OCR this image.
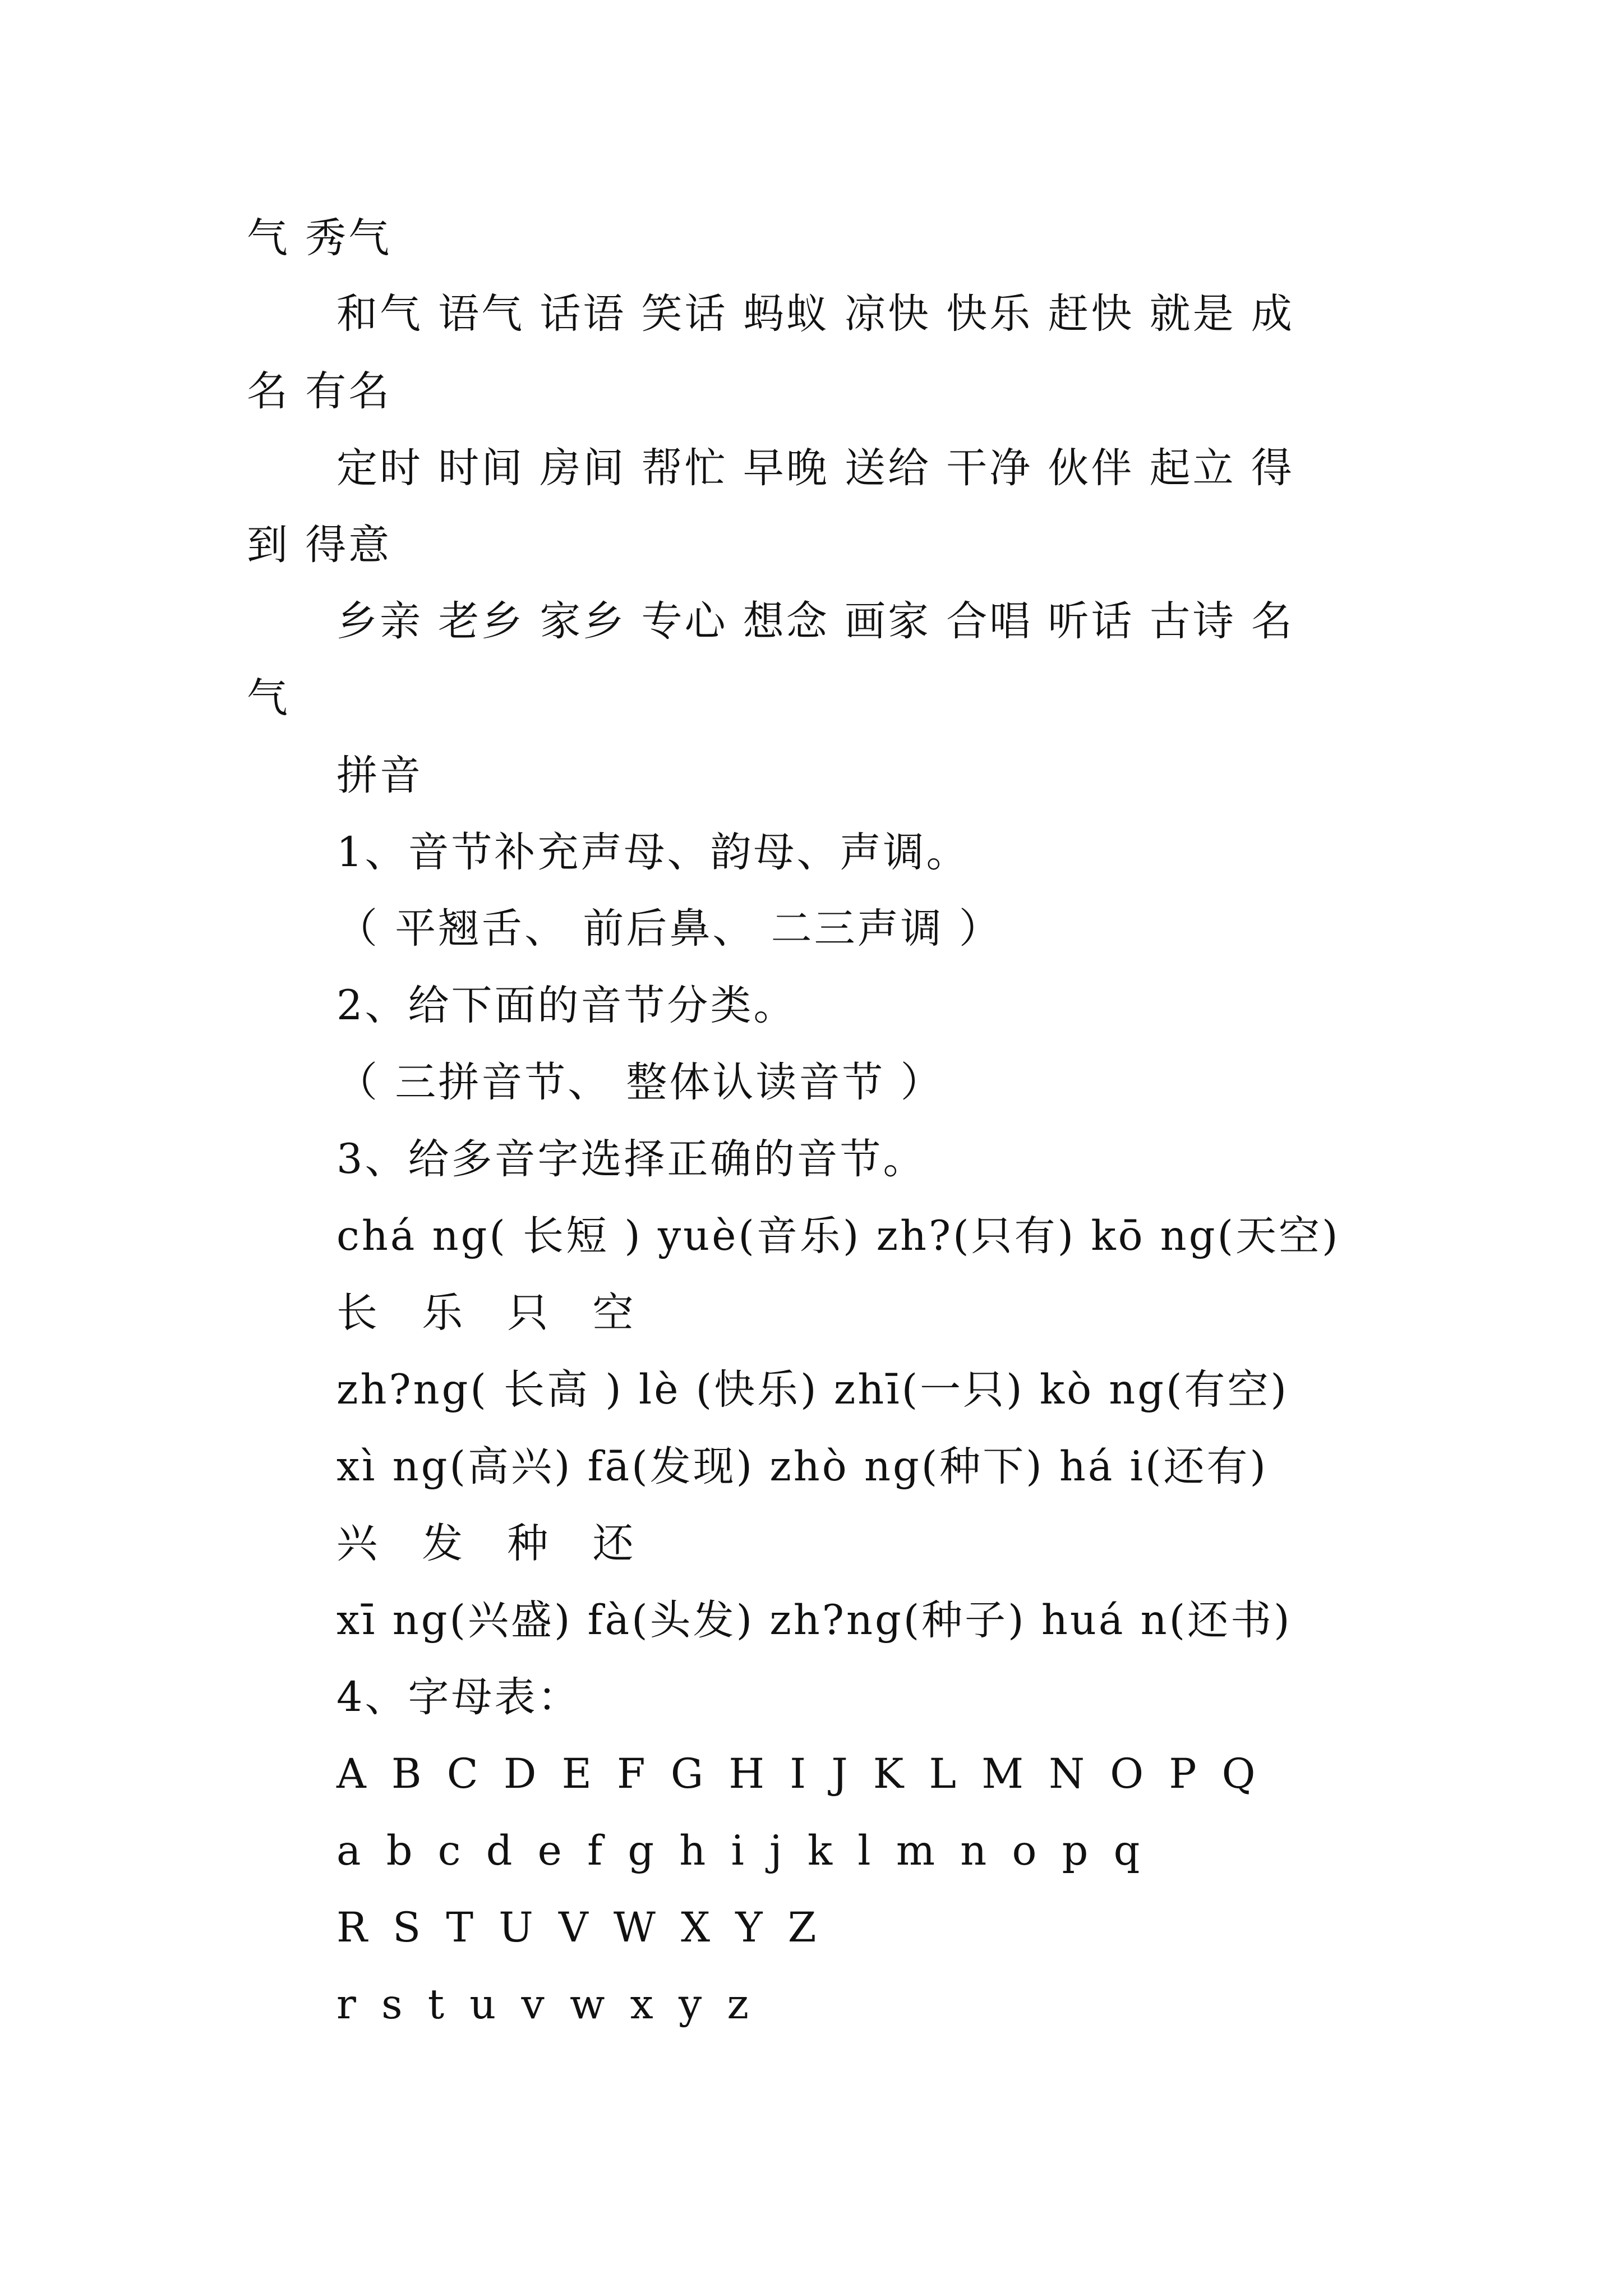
气 秀气
和气 语气 话语 笑话 蚂蚁 凉快 快乐 赶快 就是 成
名 有名
定时 时间 房间 帮忙 早晚 送给 干净 伙伴 起立 得
到 得意
乡亲 老乡 家乡 专心 想念 画家 合唱 听话 古诗 名
气
拼音
1、音节补充声母、韵母、声调。
（ 平翘舌、 前后鼻、 二三声调 ）
2、给下面的音节分类。
（ 三拼音节、 整体认读音节 ）
3、给多音字选择正确的音节。
chá ng( 长短 ) yuè(音乐) zh?(只有) kō ng(天空)
长 乐 只 空
zh?ng( 长高 ) lè (快乐) zhī(一只) kò ng(有空)
xì ng(高兴) fā(发现) zhò ng(种下) há i(还有)
兴 发 种 还
xī ng(兴盛) fà(头发) zh?ng(种子) huá n(还书)
4、字母表：
A B C D E F G H I J K L M N O P Q
a b c d e f g h i j k l m n o p q
R S T U V W X Y Z
r s t u v w x y z
